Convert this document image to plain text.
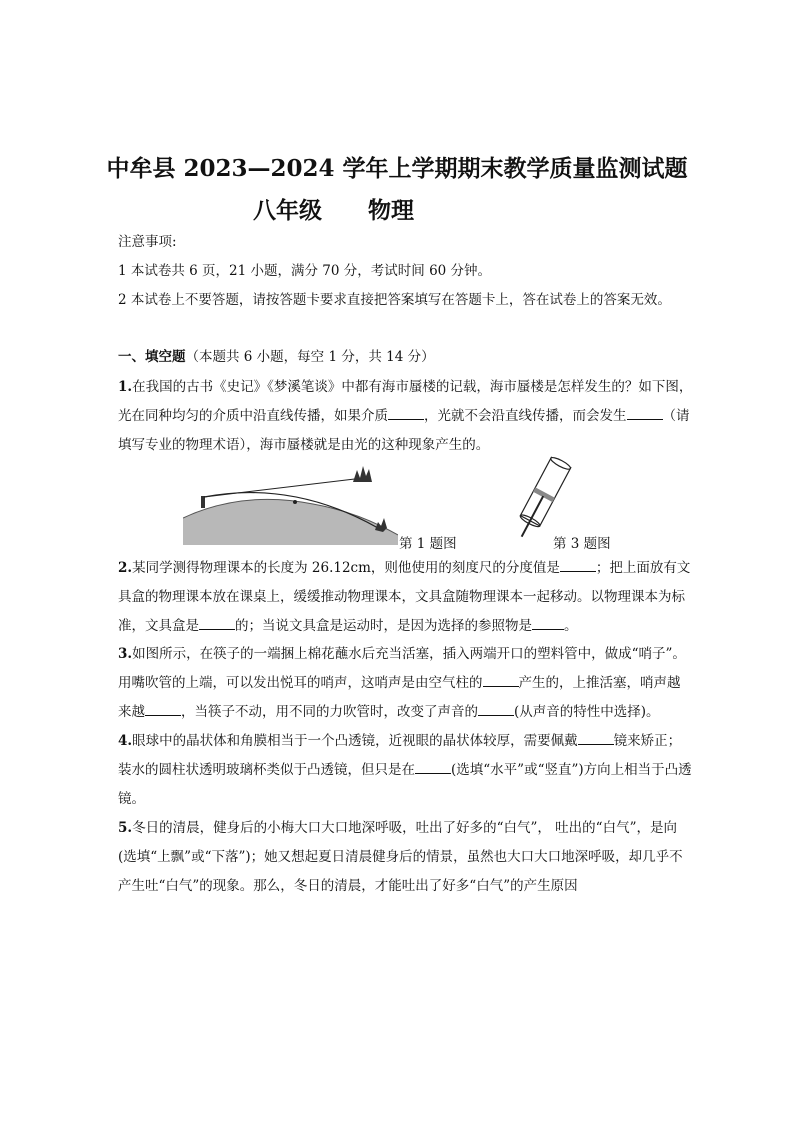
中牟县 2023—2024 学年上学期期末教学质量监测试题
八年级 物理
注意事项:
1 本试卷共 6 页，21 小题，满分 70 分，考试时间 60 分钟。
2 本试卷上不要答题，请按答题卡要求直接把答案填写在答题卡上，答在试卷上的答案无效。
一、填空题（本题共 6 小题，每空 1 分，共 14 分）
1.在我国的古书《史记》《梦溪笔谈》中都有海市蜃楼的记载，海市蜃楼是怎样发生的？如下图，光在同种均匀的介质中沿直线传播，如果介质	，光就不会沿直线传播，而会发生	（请填写专业的物理术语），海市蜃楼就是由光的这种现象产生的。
第 1 题图	第 3 题图
2.某同学测得物理课本的长度为 26.12cm，则他使用的刻度尺的分度值是	；把上面放有文具盒的物理课本放在课桌上，缓缓推动物理课本，文具盒随物理课本一起移动。以物理课本为标准，文具盒是	的；当说文具盒是运动时，是因为选择的参照物是 。
3.如图所示，在筷子的一端捆上棉花蘸水后充当活塞，插入两端开口的塑料管中，做成“哨子”。用嘴吹管的上端，可以发出悦耳的哨声，这哨声是由空气柱的	产生的，上推活塞，哨声越来越	，当筷子不动，用不同的力吹管时，改变了声音的	(从声音的特性中选择)。
4.眼球中的晶状体和角膜相当于一个凸透镜，近视眼的晶状体较厚，需要佩戴	镜来矫正；装水的圆柱状透明玻璃杯类似于凸透镜，但只是在	(选填“水平”或“竖直”)方向上相当于凸透镜。
5.冬日的清晨，健身后的小梅大口大口地深呼吸，吐出了好多的“白气”， 吐出的“白气”，是向(选填“上飘”或“下落”)；她又想起夏日清晨健身后的情景，虽然也大口大口地深呼吸，却几乎不产生吐“白气”的现象。那么，冬日的清晨，才能吐出了好多“白气”的产生原因
